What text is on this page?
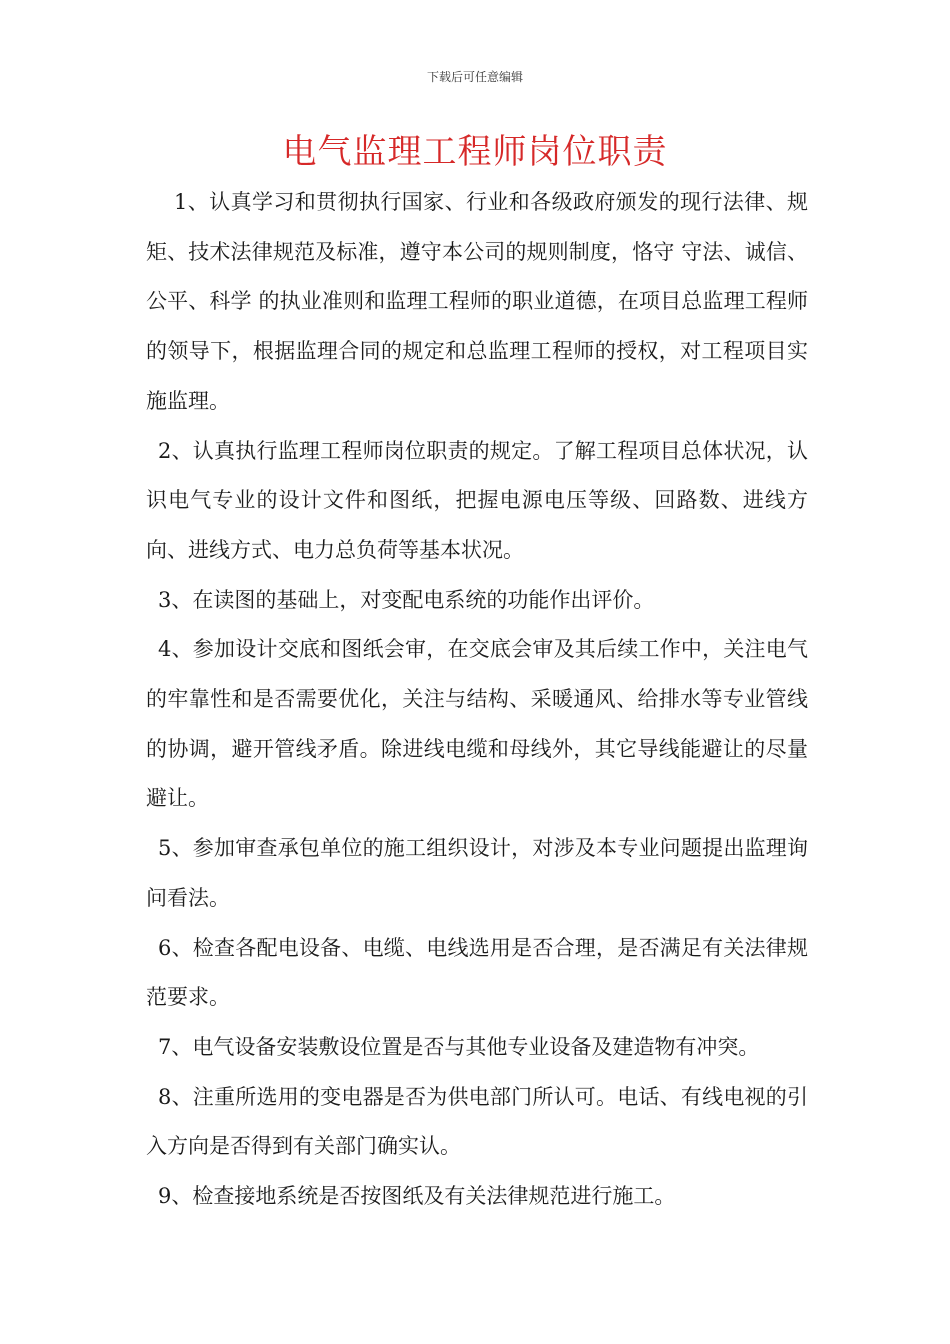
下载后可任意编辑
电气监理工程师岗位职责

1、认真学习和贯彻执行国家、行业和各级政府颁发的现行法律、规矩、技术法律规范及标准，遵守本公司的规则制度，恪守 守法、诚信、公平、科学 的执业准则和监理工程师的职业道德，在项目总监理工程师的领导下，根据监理合同的规定和总监理工程师的授权，对工程项目实施监理。

2、认真执行监理工程师岗位职责的规定。了解工程项目总体状况，认识电气专业的设计文件和图纸，把握电源电压等级、回路数、进线方向、进线方式、电力总负荷等基本状况。

3、在读图的基础上，对变配电系统的功能作出评价。

4、参加设计交底和图纸会审，在交底会审及其后续工作中，关注电气的牢靠性和是否需要优化，关注与结构、采暖通风、给排水等专业管线的协调，避开管线矛盾。除进线电缆和母线外，其它导线能避让的尽量避让。

5、参加审查承包单位的施工组织设计，对涉及本专业问题提出监理询问看法。

6、检查各配电设备、电缆、电线选用是否合理，是否满足有关法律规范要求。

7、电气设备安装敷设位置是否与其他专业设备及建造物有冲突。

8、注重所选用的变电器是否为供电部门所认可。电话、有线电视的引入方向是否得到有关部门确实认。

9、检查接地系统是否按图纸及有关法律规范进行施工。
